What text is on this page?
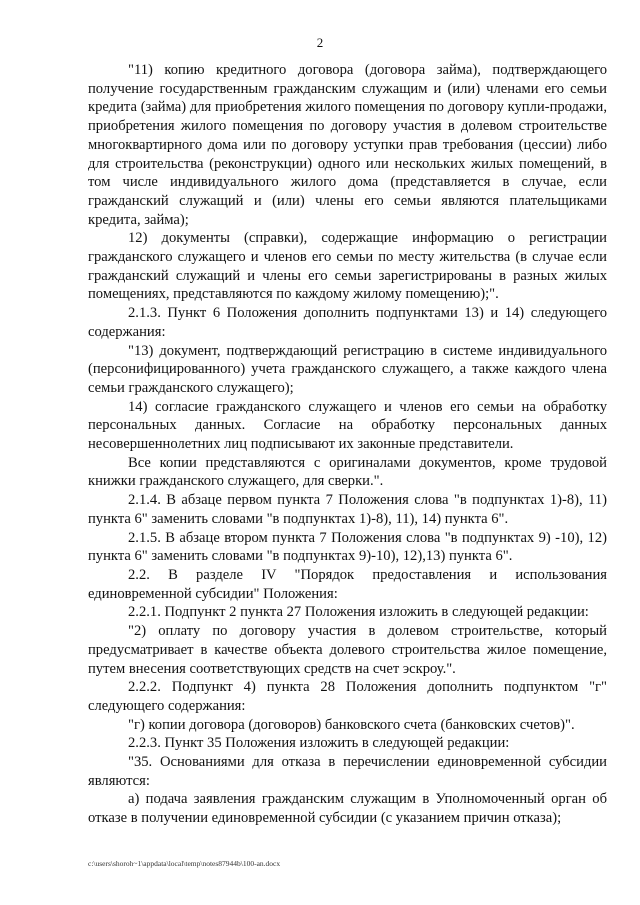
2

"11) копию кредитного договора (договора займа), подтверждающего получение государственным гражданским служащим и (или) членами его семьи кредита (займа) для приобретения жилого помещения по договору купли-продажи, приобретения жилого помещения по договору участия в долевом строительстве многоквартирного дома или по договору уступки прав требования (цессии) либо для строительства (реконструкции) одного или нескольких жилых помещений, в том числе индивидуального жилого дома (представляется в случае, если гражданский служащий и (или) члены его семьи являются плательщиками кредита, займа);

12) документы (справки), содержащие информацию о регистрации гражданского служащего и членов его семьи по месту жительства (в случае если гражданский служащий и члены его семьи зарегистрированы в разных жилых помещениях, представляются по каждому жилому помещению);".

2.1.3. Пункт 6 Положения дополнить подпунктами 13) и 14) следующего содержания:

"13) документ, подтверждающий регистрацию в системе индивидуального (персонифицированного) учета гражданского служащего, а также каждого члена семьи гражданского служащего);

14) согласие гражданского служащего и членов его семьи на обработку персональных данных. Согласие на обработку персональных данных несовершеннолетних лиц подписывают их законные представители.

Все копии представляются с оригиналами документов, кроме трудовой книжки гражданского служащего, для сверки.".

2.1.4. В абзаце первом пункта 7 Положения слова "в подпунктах 1)-8), 11) пункта 6" заменить словами "в подпунктах 1)-8), 11), 14) пункта 6".

2.1.5. В абзаце втором пункта 7 Положения слова "в подпунктах 9) -10), 12) пункта 6" заменить словами "в подпунктах 9)-10), 12),13) пункта 6".

2.2. В разделе IV "Порядок предоставления и использования единовременной субсидии" Положения:

2.2.1. Подпункт 2 пункта 27 Положения изложить в следующей редакции:

"2) оплату по договору участия в долевом строительстве, который предусматривает в качестве объекта долевого строительства жилое помещение, путем внесения соответствующих средств на счет эскроу.".

2.2.2. Подпункт 4) пункта 28 Положения дополнить подпунктом "г" следующего содержания:

"г) копии договора (договоров) банковского счета (банковских счетов)".

2.2.3. Пункт 35 Положения изложить в следующей редакции:

"35. Основаниями для отказа в перечислении единовременной субсидии являются:

а) подача заявления гражданским служащим в Уполномоченный орган об отказе в получении единовременной субсидии (с указанием причин отказа);

c:\users\shoroh~1\appdata\local\temp\notes87944b\100-an.docx
